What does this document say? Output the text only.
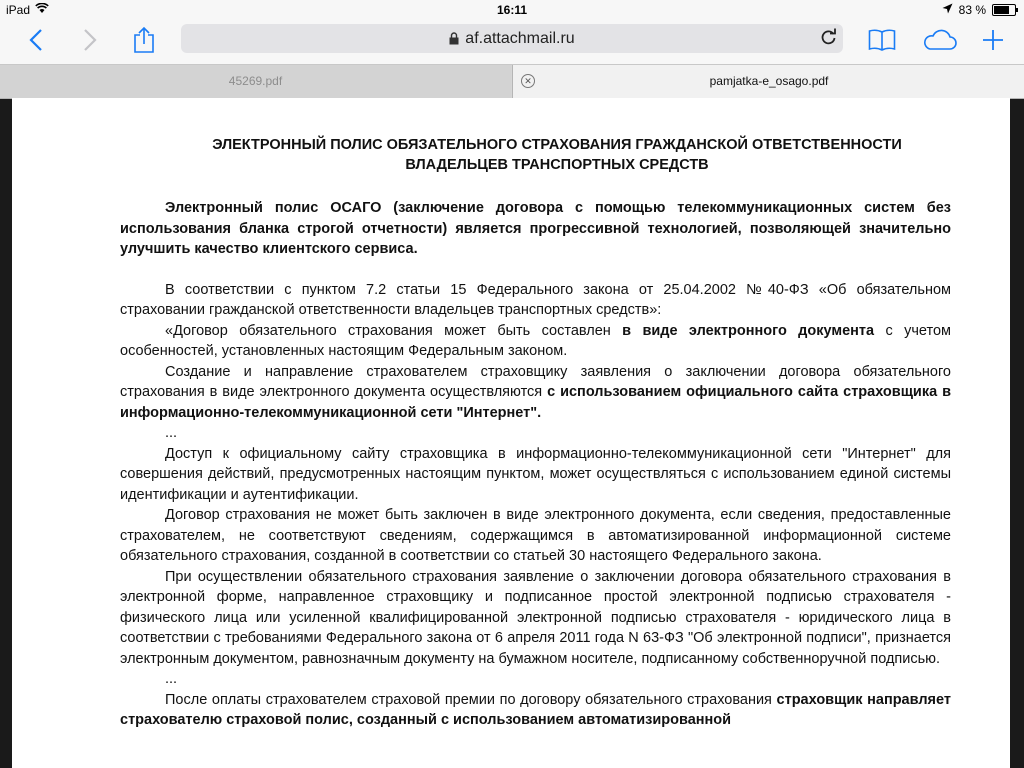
iPad	16:11	83 %
af.attachmail.ru
45269.pdf	✕	pamjatka-e_osago.pdf
ЭЛЕКТРОННЫЙ ПОЛИС ОБЯЗАТЕЛЬНОГО СТРАХОВАНИЯ ГРАЖДАНСКОЙ ОТВЕТСТВЕННОСТИ ВЛАДЕЛЬЦЕВ ТРАНСПОРТНЫХ СРЕДСТВ

Электронный полис ОСАГО (заключение договора с помощью телекоммуникационных систем без использования бланка строгой отчетности) является прогрессивной технологией, позволяющей значительно улучшить качество клиентского сервиса.

В соответствии с пунктом 7.2 статьи 15 Федерального закона от 25.04.2002 №40-ФЗ «Об обязательном страховании гражданской ответственности владельцев транспортных средств»:

«Договор обязательного страхования может быть составлен в виде электронного документа с учетом особенностей, установленных настоящим Федеральным законом.

Создание и направление страхователем страховщику заявления о заключении договора обязательного страхования в виде электронного документа осуществляются с использованием официального сайта страховщика в информационно-телекоммуникационной сети "Интернет".

...

Доступ к официальному сайту страховщика в информационно-телекоммуникационной сети "Интернет" для совершения действий, предусмотренных настоящим пунктом, может осуществляться с использованием единой системы идентификации и аутентификации.

Договор страхования не может быть заключен в виде электронного документа, если сведения, предоставленные страхователем, не соответствуют сведениям, содержащимся в автоматизированной информационной системе обязательного страхования, созданной в соответствии со статьей 30 настоящего Федерального закона.

При осуществлении обязательного страхования заявление о заключении договора обязательного страхования в электронной форме, направленное страховщику и подписанное простой электронной подписью страхователя - физического лица или усиленной квалифицированной электронной подписью страхователя - юридического лица в соответствии с требованиями Федерального закона от 6 апреля 2011 года N 63-ФЗ "Об электронной подписи", признается электронным документом, равнозначным документу на бумажном носителе, подписанному собственноручной подписью.

...

После оплаты страхователем страховой премии по договору обязательного страхования страховщик направляет страхователю страховой полис, созданный с использованием автоматизированной
